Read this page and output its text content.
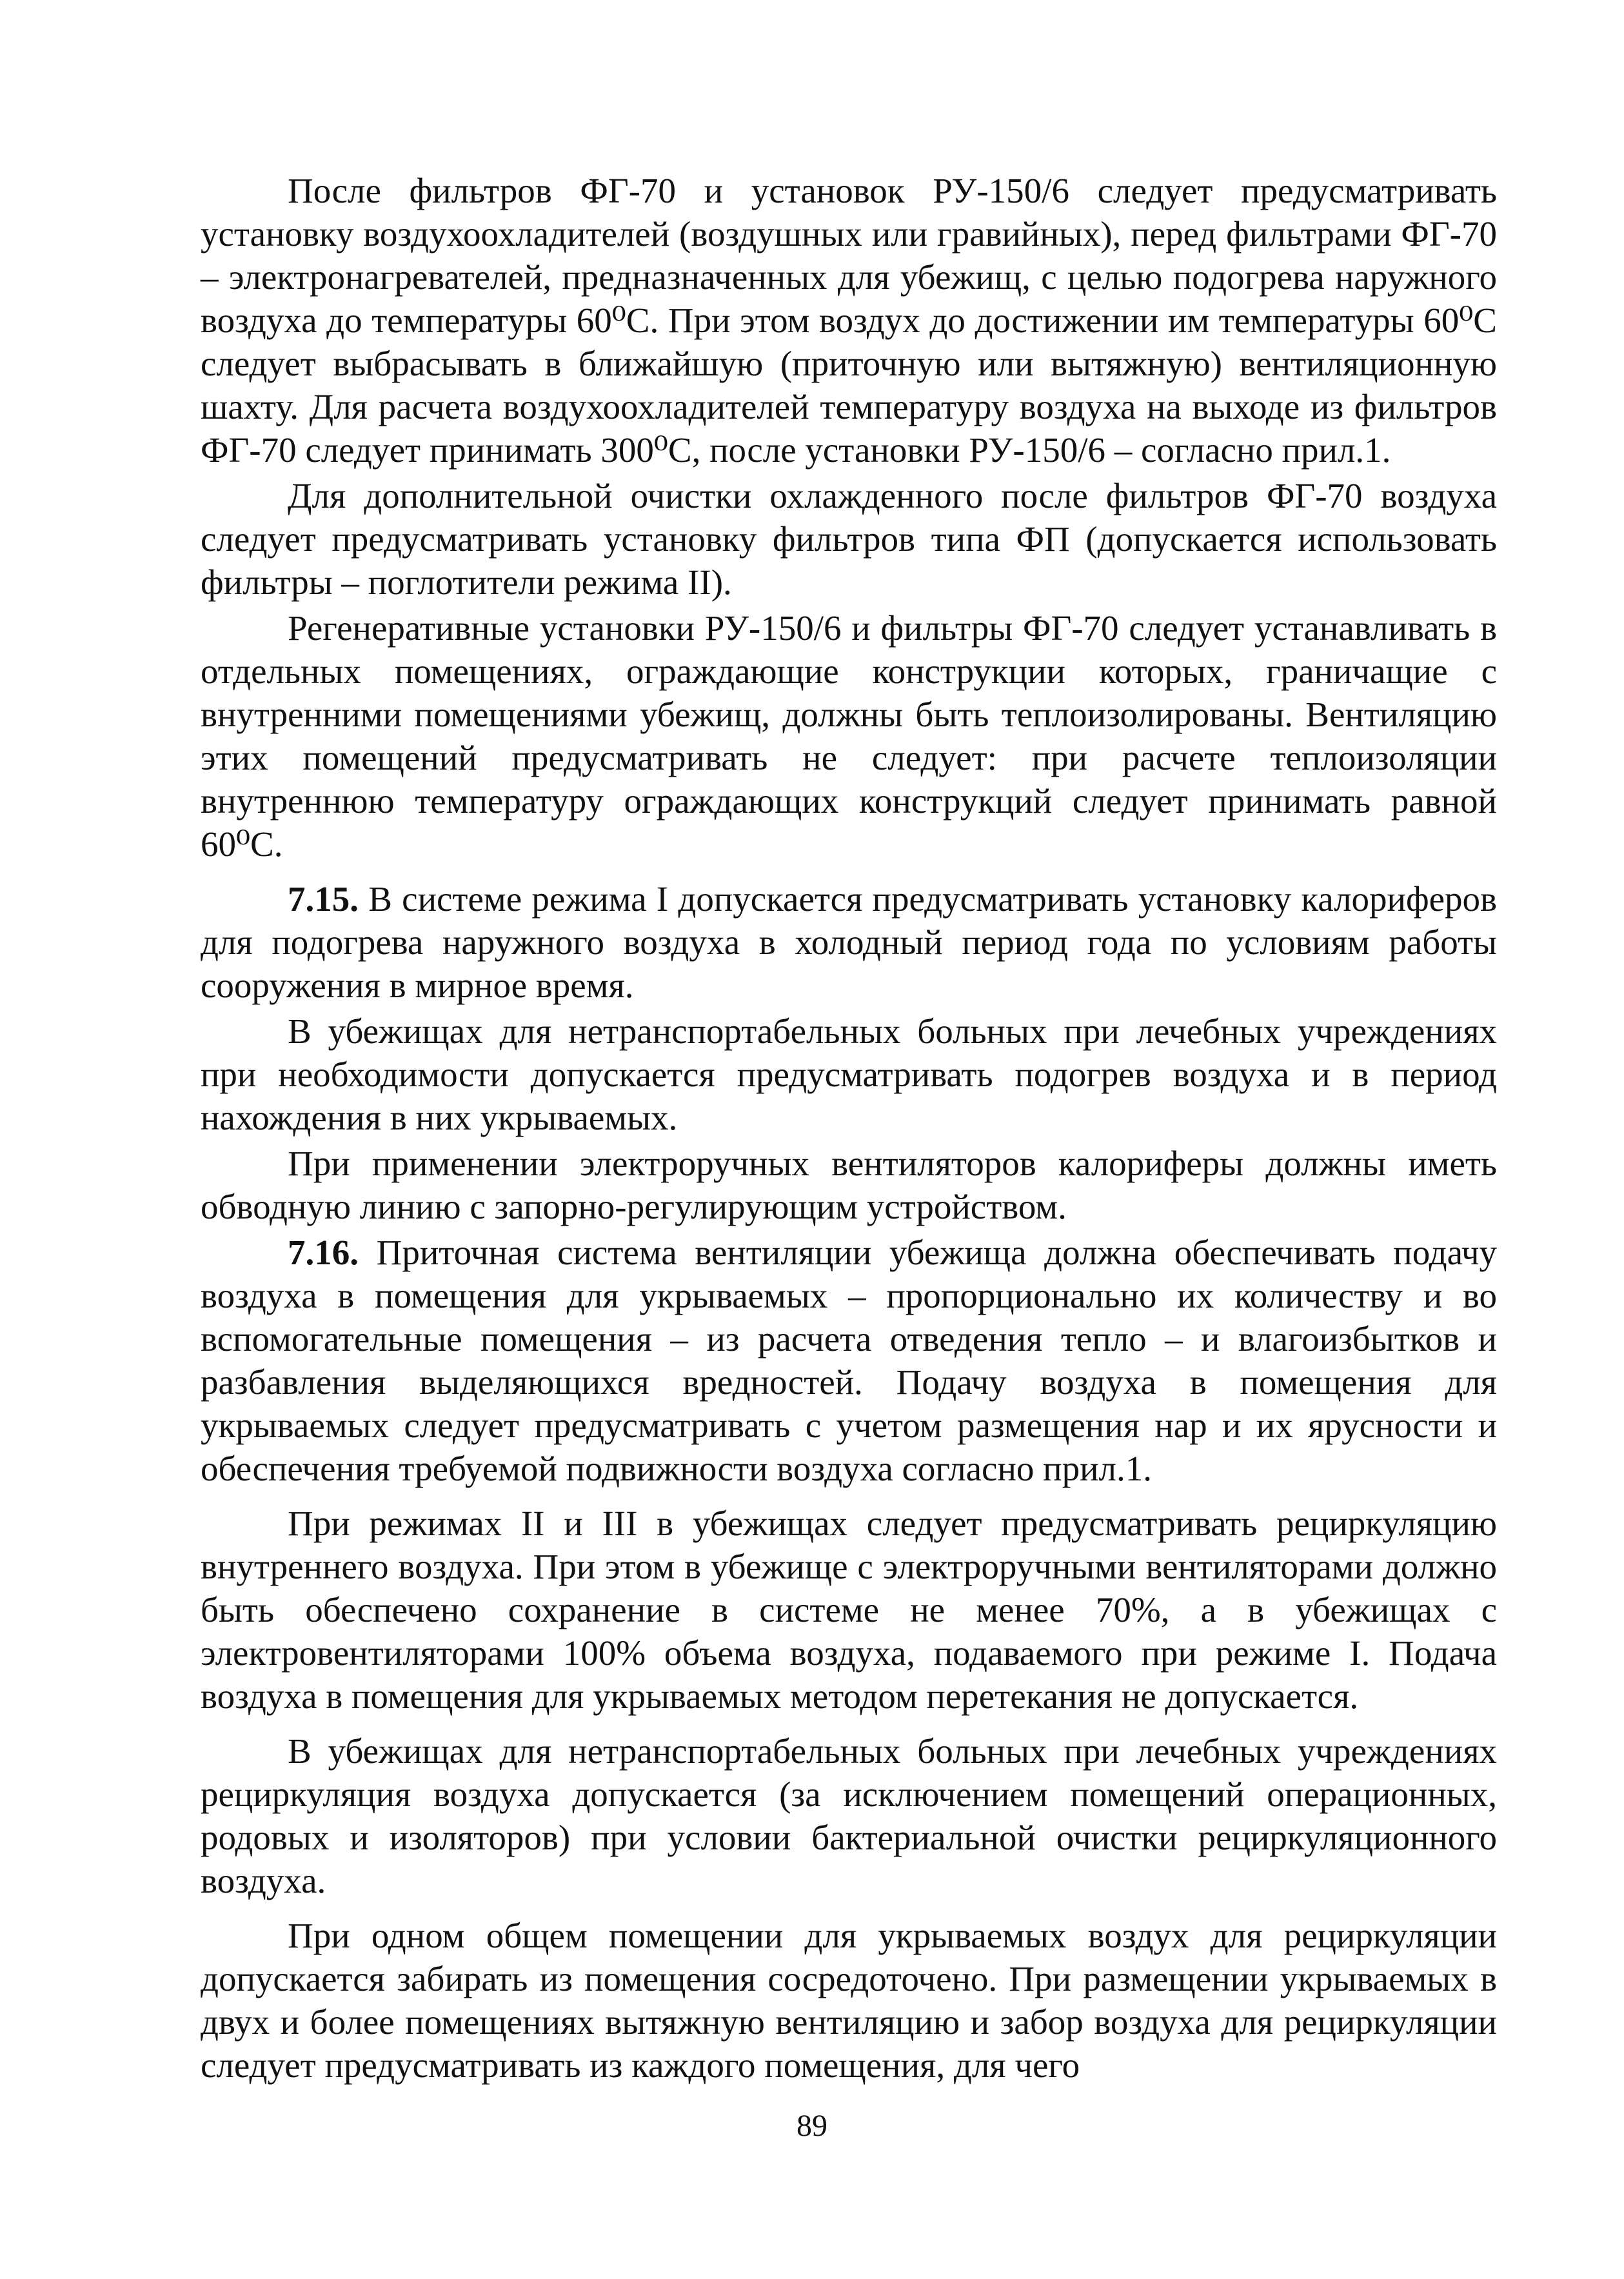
После фильтров ФГ-70 и установок РУ-150/6 следует предусматривать установку воздухоохладителей (воздушных или гравийных), перед фильтрами ФГ-70 – электронагревателей, предназначенных для убежищ, с целью подогрева наружного воздуха до температуры 60⁰С. При этом воздух до достижении им температуры 60⁰С следует выбрасывать в ближайшую (приточную или вытяжную) вентиляционную шахту. Для расчета воздухоохладителей температуру воздуха на выходе из фильтров ФГ-70 следует принимать 300⁰С, после установки РУ-150/6 – согласно прил.1.

Для дополнительной очистки охлажденного после фильтров ФГ-70 воздуха следует предусматривать установку фильтров типа ФП (допускается использовать фильтры – поглотители режима II).

Регенеративные установки РУ-150/6 и фильтры ФГ-70 следует устанавливать в отдельных помещениях, ограждающие конструкции которых, граничащие с внутренними помещениями убежищ, должны быть теплоизолированы. Вентиляцию этих помещений предусматривать не следует: при расчете теплоизоляции внутреннюю температуру ограждающих конструкций следует принимать равной 60⁰С.

7.15. В системе режима I допускается предусматривать установку калориферов для подогрева наружного воздуха в холодный период года по условиям работы сооружения в мирное время.

В убежищах для нетранспортабельных больных при лечебных учреждениях при необходимости допускается предусматривать подогрев воздуха и в период нахождения в них укрываемых.

При применении электроручных вентиляторов калориферы должны иметь обводную линию с запорно-регулирующим устройством.

7.16. Приточная система вентиляции убежища должна обеспечивать подачу воздуха в помещения для укрываемых – пропорционально их количеству и во вспомогательные помещения – из расчета отведения тепло – и влагоизбытков и разбавления выделяющихся вредностей. Подачу воздуха в помещения для укрываемых следует предусматривать с учетом размещения нар и их ярусности и обеспечения требуемой подвижности воздуха согласно прил.1.

При режимах II и III в убежищах следует предусматривать рециркуляцию внутреннего воздуха. При этом в убежище с электроручными вентиляторами должно быть обеспечено сохранение в системе не менее 70%, а в убежищах с электровентиляторами 100% объема воздуха, подаваемого при режиме I. Подача воздуха в помещения для укрываемых методом перетекания не допускается.

В убежищах для нетранспортабельных больных при лечебных учреждениях рециркуляция воздуха допускается (за исключением помещений операционных, родовых и изоляторов) при условии бактериальной очистки рециркуляционного воздуха.

При одном общем помещении для укрываемых воздух для рециркуляции допускается забирать из помещения сосредоточено. При размещении укрываемых в двух и более помещениях вытяжную вентиляцию и забор воздуха для рециркуляции следует предусматривать из каждого помещения, для чего

89
